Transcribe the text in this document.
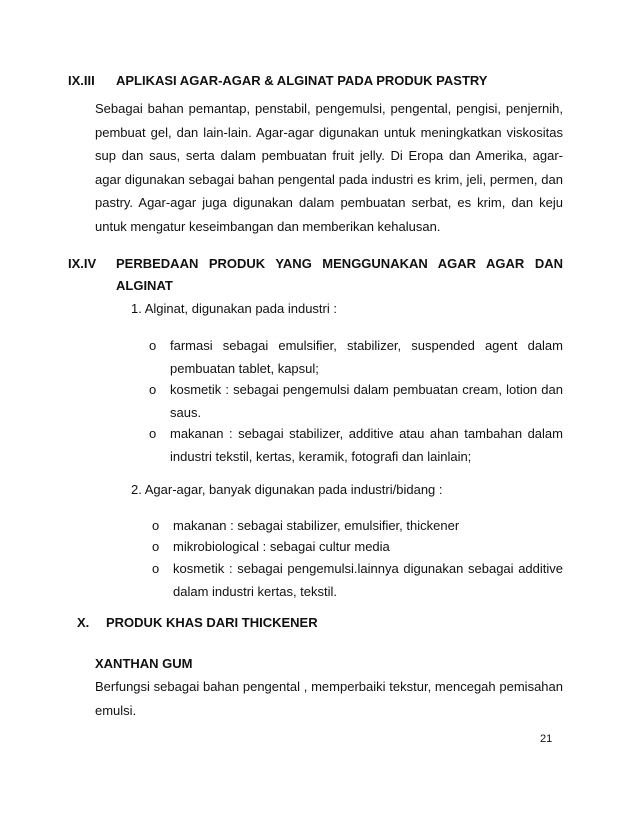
IX.III APLIKASI AGAR-AGAR & ALGINAT PADA PRODUK PASTRY
Sebagai bahan pemantap, penstabil, pengemulsi, pengental, pengisi, penjernih, pembuat gel, dan lain-lain. Agar-agar digunakan untuk meningkatkan viskositas sup dan saus, serta dalam pembuatan fruit jelly. Di Eropa dan Amerika, agar-agar digunakan sebagai bahan pengental pada industri es krim, jeli, permen, dan pastry. Agar-agar juga digunakan dalam pembuatan serbat, es krim, dan keju untuk mengatur keseimbangan dan memberikan kehalusan.
IX.IV PERBEDAAN PRODUK YANG MENGGUNAKAN AGAR AGAR DAN
ALGINAT
1. Alginat, digunakan pada industri :
o farmasi sebagai emulsifier, stabilizer, suspended agent dalam pembuatan tablet, kapsul;
o kosmetik : sebagai pengemulsi dalam pembuatan cream, lotion dan saus.
o makanan : sebagai stabilizer, additive atau ahan tambahan dalam industri tekstil, kertas, keramik, fotografi dan lainlain;
2. Agar-agar, banyak digunakan pada industri/bidang :
o makanan : sebagai stabilizer, emulsifier, thickener
o mikrobiological : sebagai cultur media
o kosmetik : sebagai pengemulsi.lainnya digunakan sebagai additive dalam industri kertas, tekstil.
X. PRODUK KHAS DARI THICKENER
XANTHAN GUM
Berfungsi sebagai bahan pengental , memperbaiki tekstur, mencegah pemisahan emulsi.
21
